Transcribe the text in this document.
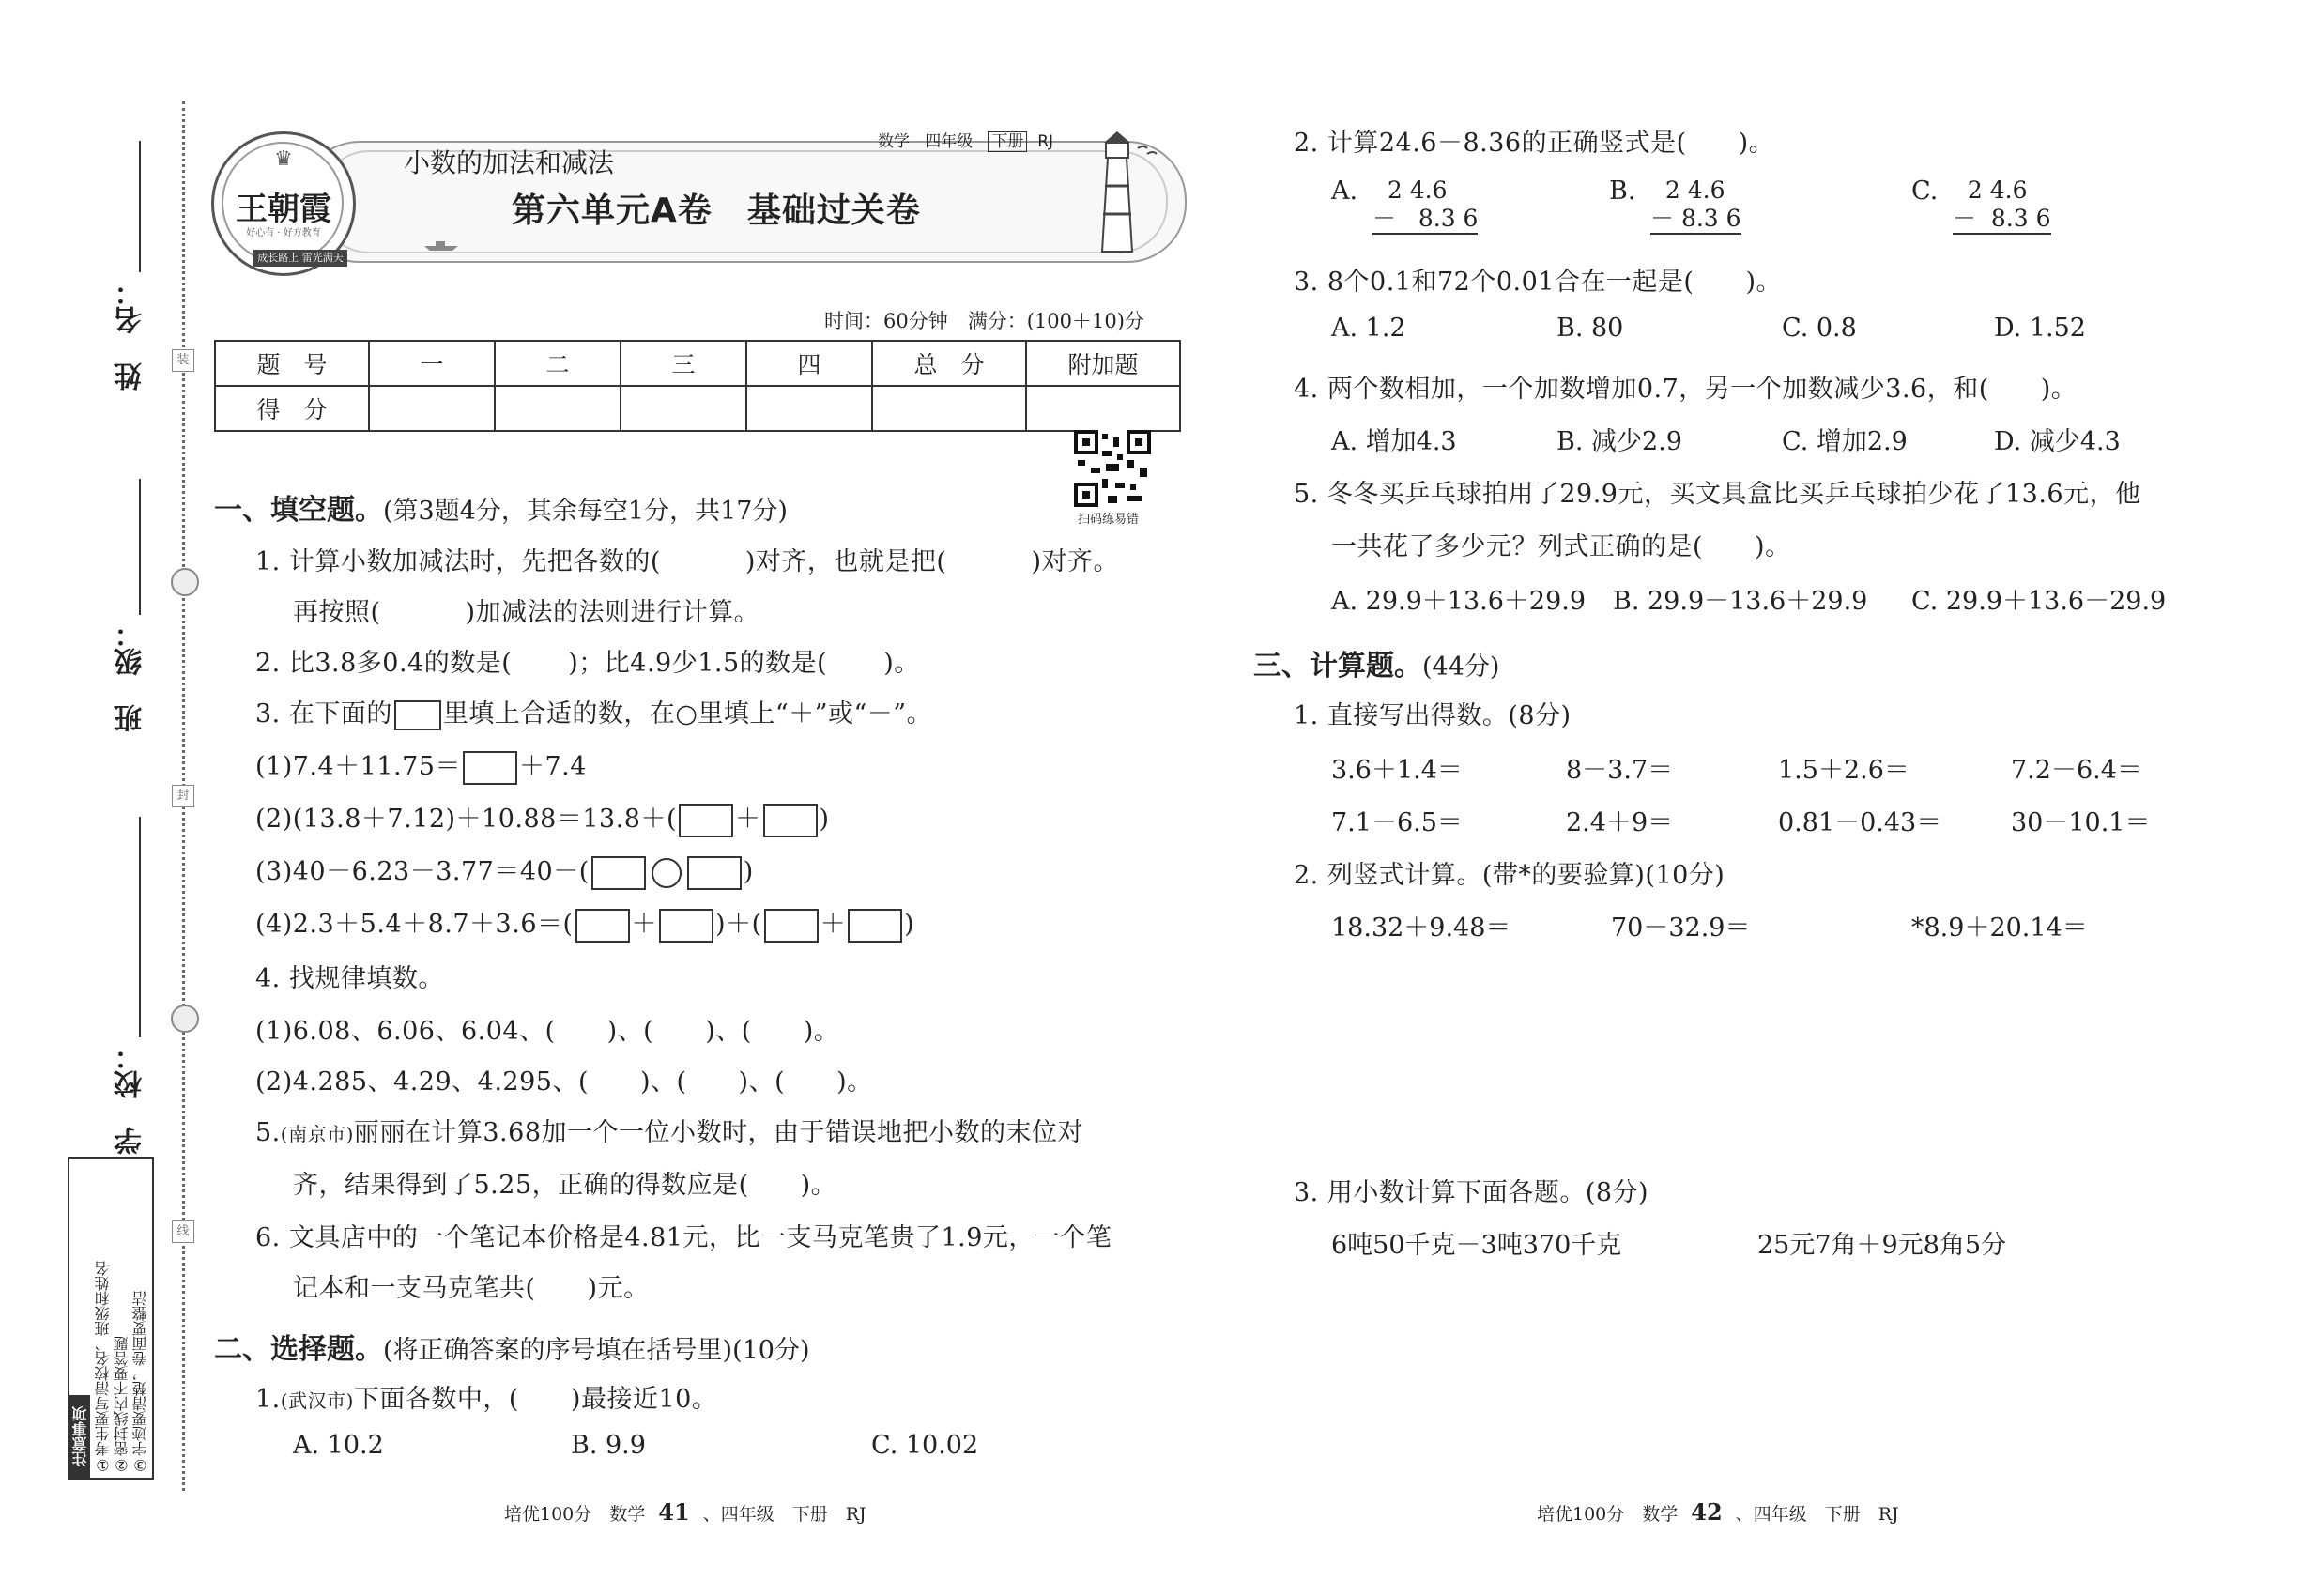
姓　名：
班　级：
学　校：
装
封
线
注意事项 ①考生要写清校名、班级和姓名 ②密封线内不要答题 ③字迹要清楚，卷面要整洁
♛
王朝霞
好心有 · 好方教育
成长路上 雷光满天
小数的加法和减法
数学 四年级 下册 RJ
第六单元A卷　基础过关卷
时间：60分钟　满分：(100＋10)分
题　号	一	二	三	四	总　分	附加题
得　分						
扫码练易错
一、填空题。(第3题4分，其余每空1分，共17分)
1. 计算小数加减法时，先把各数的(	)对齐，也就是把(	)对齐。
再按照(	)加减法的法则进行计算。
2. 比3.8多0.4的数是( )；比4.9少1.5的数是( )。
3. 在下面的 里填上合适的数，在○里填上“＋”或“－”。
(1)7.4＋11.75＝ ＋7.4
(2)(13.8＋7.12)＋10.88＝13.8＋( ＋ )
(3)40－6.23－3.77＝40－(	)
(4)2.3＋5.4＋8.7＋3.6＝( ＋ )＋( ＋ )
4. 找规律填数。
(1)6.08、6.06、6.04、(　　)、(　　)、(　　)。
(2)4.285、4.29、4.295、(　　)、(　　)、(　　)。
5.(南京市)丽丽在计算3.68加一个一位小数时，由于错误地把小数的末位对
齐，结果得到了5.25，正确的得数应是(　　)。
6. 文具店中的一个笔记本价格是4.81元，比一支马克笔贵了1.9元，一个笔
记本和一支马克笔共(　　)元。
二、选择题。(将正确答案的序号填在括号里)(10分)
1.(武汉市)下面各数中，(　　)最接近10。
A. 10.2	B. 9.9	C. 10.02
培优100分　数学 41 、四年级　下册　RJ
2. 计算24.6－8.36的正确竖式是(　　)。
A. 2 4.6
－   8.3 6
B. 2 4.6
－ 8.3 6
C. 2 4.6
－  8.3 6
3. 8个0.1和72个0.01合在一起是(　　)。
A. 1.2	B. 80	C. 0.8	D. 1.52
4. 两个数相加，一个加数增加0.7，另一个加数减少3.6，和(　　)。
A. 增加4.3	B. 减少2.9	C. 增加2.9	D. 减少4.3
5. 冬冬买乒乓球拍用了29.9元，买文具盒比买乒乓球拍少花了13.6元，他
一共花了多少元？列式正确的是(　　)。
A. 29.9＋13.6＋29.9 B. 29.9－13.6＋29.9 C. 29.9＋13.6－29.9
三、计算题。(44分)
1. 直接写出得数。(8分)
3.6＋1.4＝	8－3.7＝	1.5＋2.6＝	7.2－6.4＝
7.1－6.5＝	2.4＋9＝	0.81－0.43＝	30－10.1＝
2. 列竖式计算。(带*的要验算)(10分)
18.32＋9.48＝	70－32.9＝	*8.9＋20.14＝
3. 用小数计算下面各题。(8分)
6吨50千克－3吨370千克	25元7角＋9元8角5分
培优100分　数学 42 、四年级　下册　RJ
